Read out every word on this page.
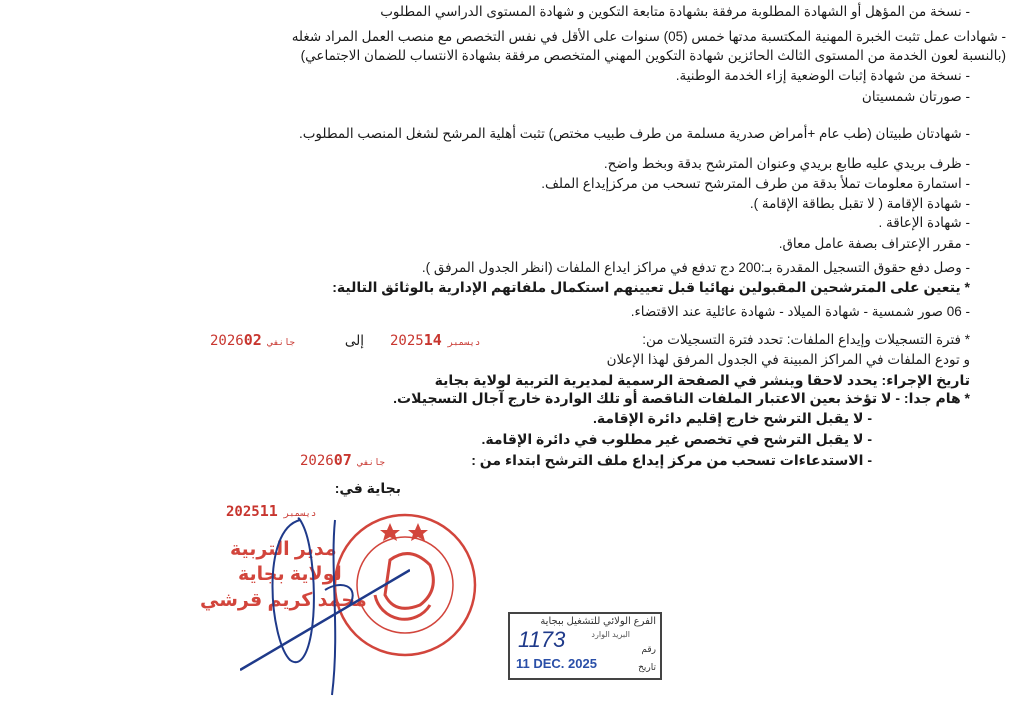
- نسخة من المؤهل أو الشهادة المطلوبة مرفقة بشهادة متابعة التكوين و شهادة المستوى الدراسي المطلوب
- شهادات عمل تثبت الخبرة المهنية المكتسبة مدتها خمس (05) سنوات على الأقل في نفس التخصص مع منصب العمل المراد شغله
(بالنسبة لعون الخدمة من المستوى الثالث الحائزين شهادة التكوين المهني المتخصص مرفقة بشهادة الانتساب للضمان الاجتماعي)
- نسخة من شهادة إثبات الوضعية إزاء الخدمة الوطنية.
- صورتان شمسيتان
- شهادتان طبيتان (طب عام +أمراض صدرية مسلمة من طرف طبيب مختص) تثبت أهلية المرشح لشغل المنصب المطلوب.
- ظرف بريدي عليه طابع بريدي وعنوان المترشح بدقة وبخط واضح.
- استمارة معلومات تملأ بدقة من طرف المترشح تسحب من مركزإيداع الملف.
- شهادة الإقامة ( لا تقبل بطاقة الإقامة ).
- شهادة الإعاقة .
- مقرر الإعتراف بصفة عامل معاق.
- وصل دفع حقوق التسجيل المقدرة بـ:200 دج تدفع في مراكز ايداع الملفات (انظر الجدول المرفق ).
* يتعين على المترشحين المقبولين نهائيا قبل تعيينهم استكمال ملفاتهم الإدارية بالوثائق التالية:
- 06 صور شمسية - شهادة الميلاد - شهادة عائلية عند الاقتضاء.
* فترة التسجيلات وإيداع الملفات: تحدد فترة التسجيلات من:
و تودع الملفات في المراكز المبينة في الجدول المرفق لهذا الإعلان
تاريخ الإجراء: يحدد لاحقا وينشر في الصفحة الرسمية لمديرية التربية لولاية بجاية
* هام جدا: - لا تؤخذ بعين الاعتبار الملفات الناقصة أو تلك الواردة خارج آجال التسجيلات.
- لا يقبل الترشح خارج إقليم دائرة الإقامة.
- لا يقبل الترشح في تخصص غير مطلوب في دائرة الإقامة.
- الاستدعاءات تسحب من مركز إيداع ملف الترشح ابتداء من :
بجاية في:
إلى 2025	ديسمبر14
2026	جانفي02
2026	جانفي07
2025	ديسمبر11
مدير التربية
لولاية بجاية
محمد كريم قرشي
الفرع الولائي للتشغيل ببجاية
البريد الوارد
رقم
1173
تاريخ
11 DEC. 2025
